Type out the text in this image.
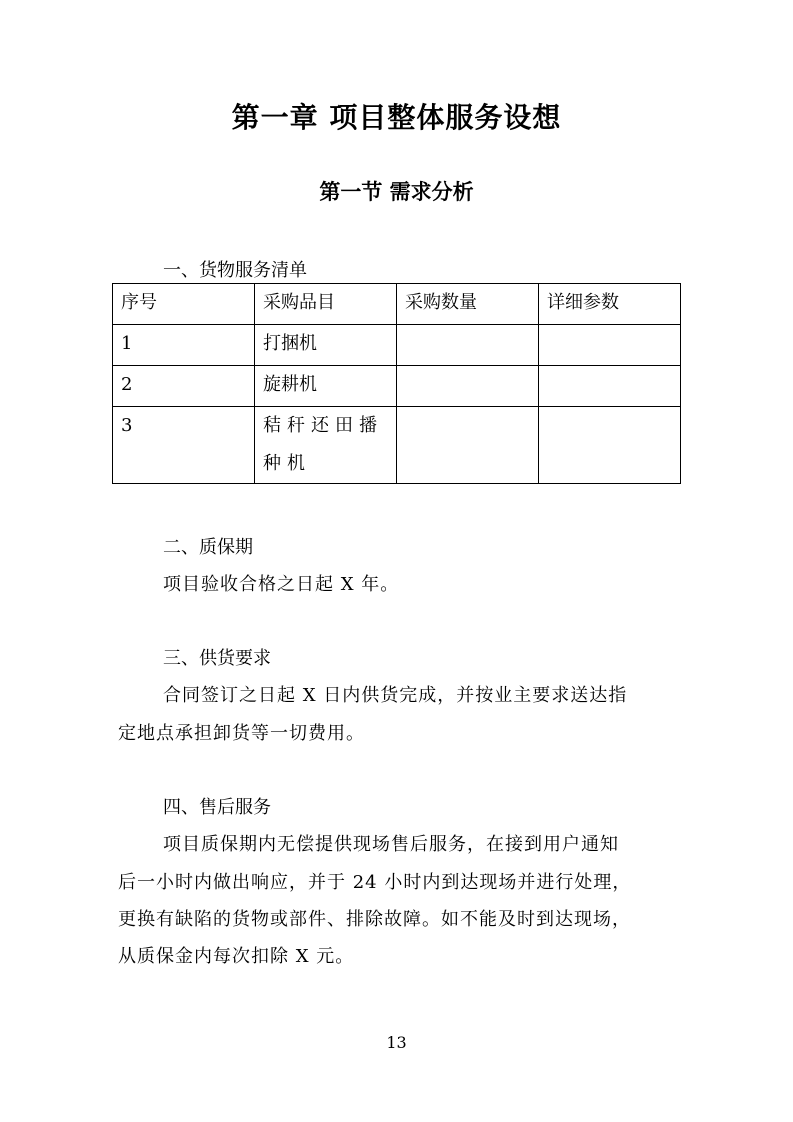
第一章 项目整体服务设想
第一节 需求分析
一、货物服务清单
序号	采购品目	采购数量	详细参数
1	打捆机		
2	旋耕机		
3	秸秆还田播种机		

二、质保期
项目验收合格之日起 X 年。
三、供货要求
合同签订之日起 X 日内供货完成，并按业主要求送达指
定地点承担卸货等一切费用。
四、售后服务
项目质保期内无偿提供现场售后服务，在接到用户通知
后一小时内做出响应，并于 24 小时内到达现场并进行处理，
更换有缺陷的货物或部件、排除故障。如不能及时到达现场，
从质保金内每次扣除 X 元。
13
